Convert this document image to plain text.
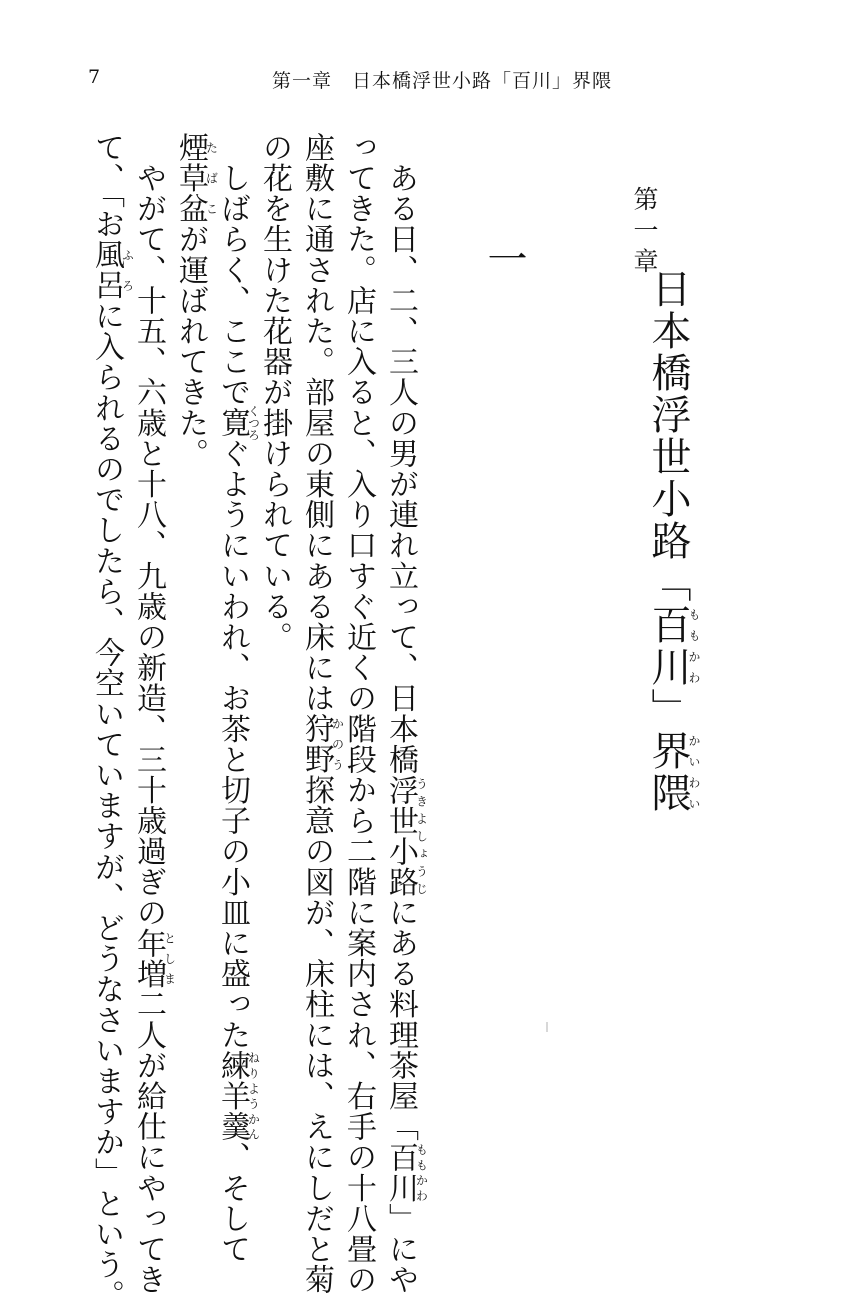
7	第一章　日本橋浮世小路「百川」界隈
第一章
日本橋浮世小路「百川ももかわ」界隈かいわい
一
　ある日、二、三人の男が連れ立って、日本橋浮世小路うきよしょうじにある料理茶屋「百川ももかわ」にや
ってきた。店に入ると、入り口すぐ近くの階段から二階に案内され、右手の十八畳の
座敷に通された。部屋の東側にある床には狩野かのう探意の図が、床柱には、えにしだと菊
の花を生けた花器が掛けられている。
　しばらく、ここで寛くつろぐようにいわれ、お茶と切子の小皿に盛った練羊羹ねりようかん、そして
煙草盆たばこが運ばれてきた。
　やがて、十五、六歳と十八、九歳の新造、三十歳過ぎの年増としま二人が給仕にやってき
て、「お風呂ふろに入られるのでしたら、今空いていますが、どうなさいますか」という。
